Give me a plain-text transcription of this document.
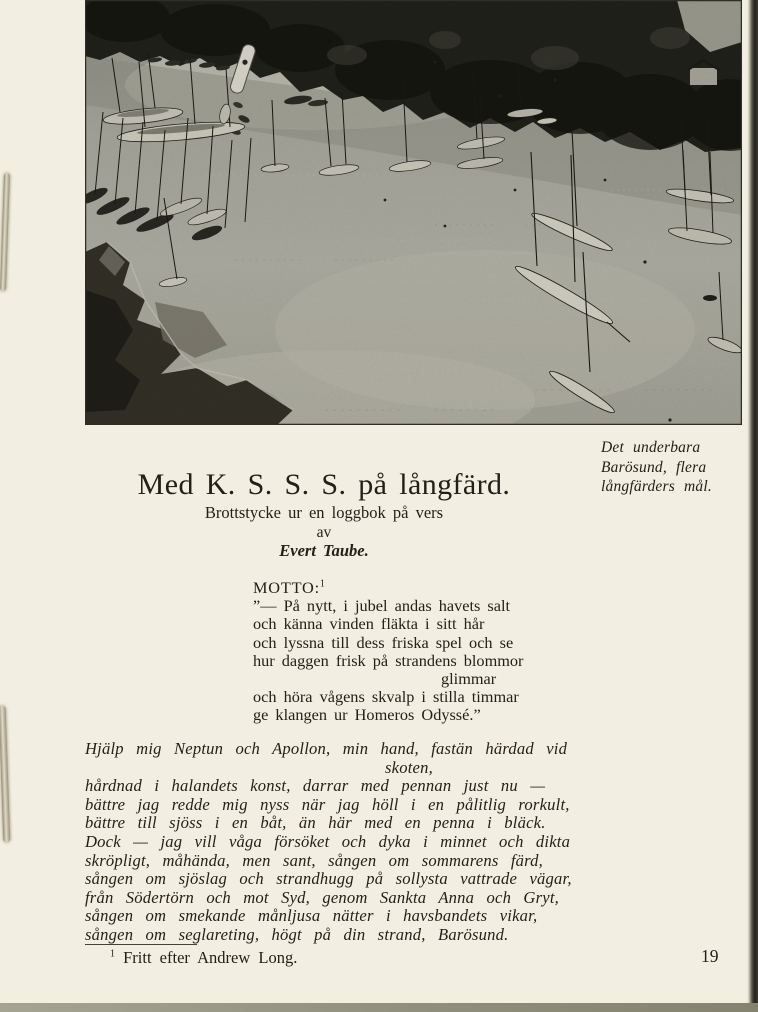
Det underbara
Barösund, flera
långfärders mål.
Med K. S. S. S. på långfärd.
Brottstycke ur en loggbok på vers
av
Evert Taube.
MOTTO:$^1$
”— På nytt, i jubel andas havets salt
och känna vinden fläkta i sitt hår
och lyssna till dess friska spel och se
hur daggen frisk på strandens blommor
glimmar
och höra vågens skvalp i stilla timmar
ge klangen ur Homeros Odyssé.”
Hjälp mig Neptun och Apollon, min hand, fastän härdad vid
skoten,
hårdnad i halandets konst, darrar med pennan just nu —
bättre jag redde mig nyss när jag höll i en pålitlig rorkult,
bättre till sjöss i en båt, än här med en penna i bläck.
Dock — jag vill våga försöket och dyka i minnet och dikta
skröpligt, måhända, men sant, sången om sommarens färd,
sången om sjöslag och strandhugg på sollysta vattrade vägar,
från Södertörn och mot Syd, genom Sankta Anna och Gryt,
sången om smekande månljusa nätter i havsbandets vikar,
sången om seglareting, högt på din strand, Barösund.
$^1$ Fritt efter Andrew Long.	19
